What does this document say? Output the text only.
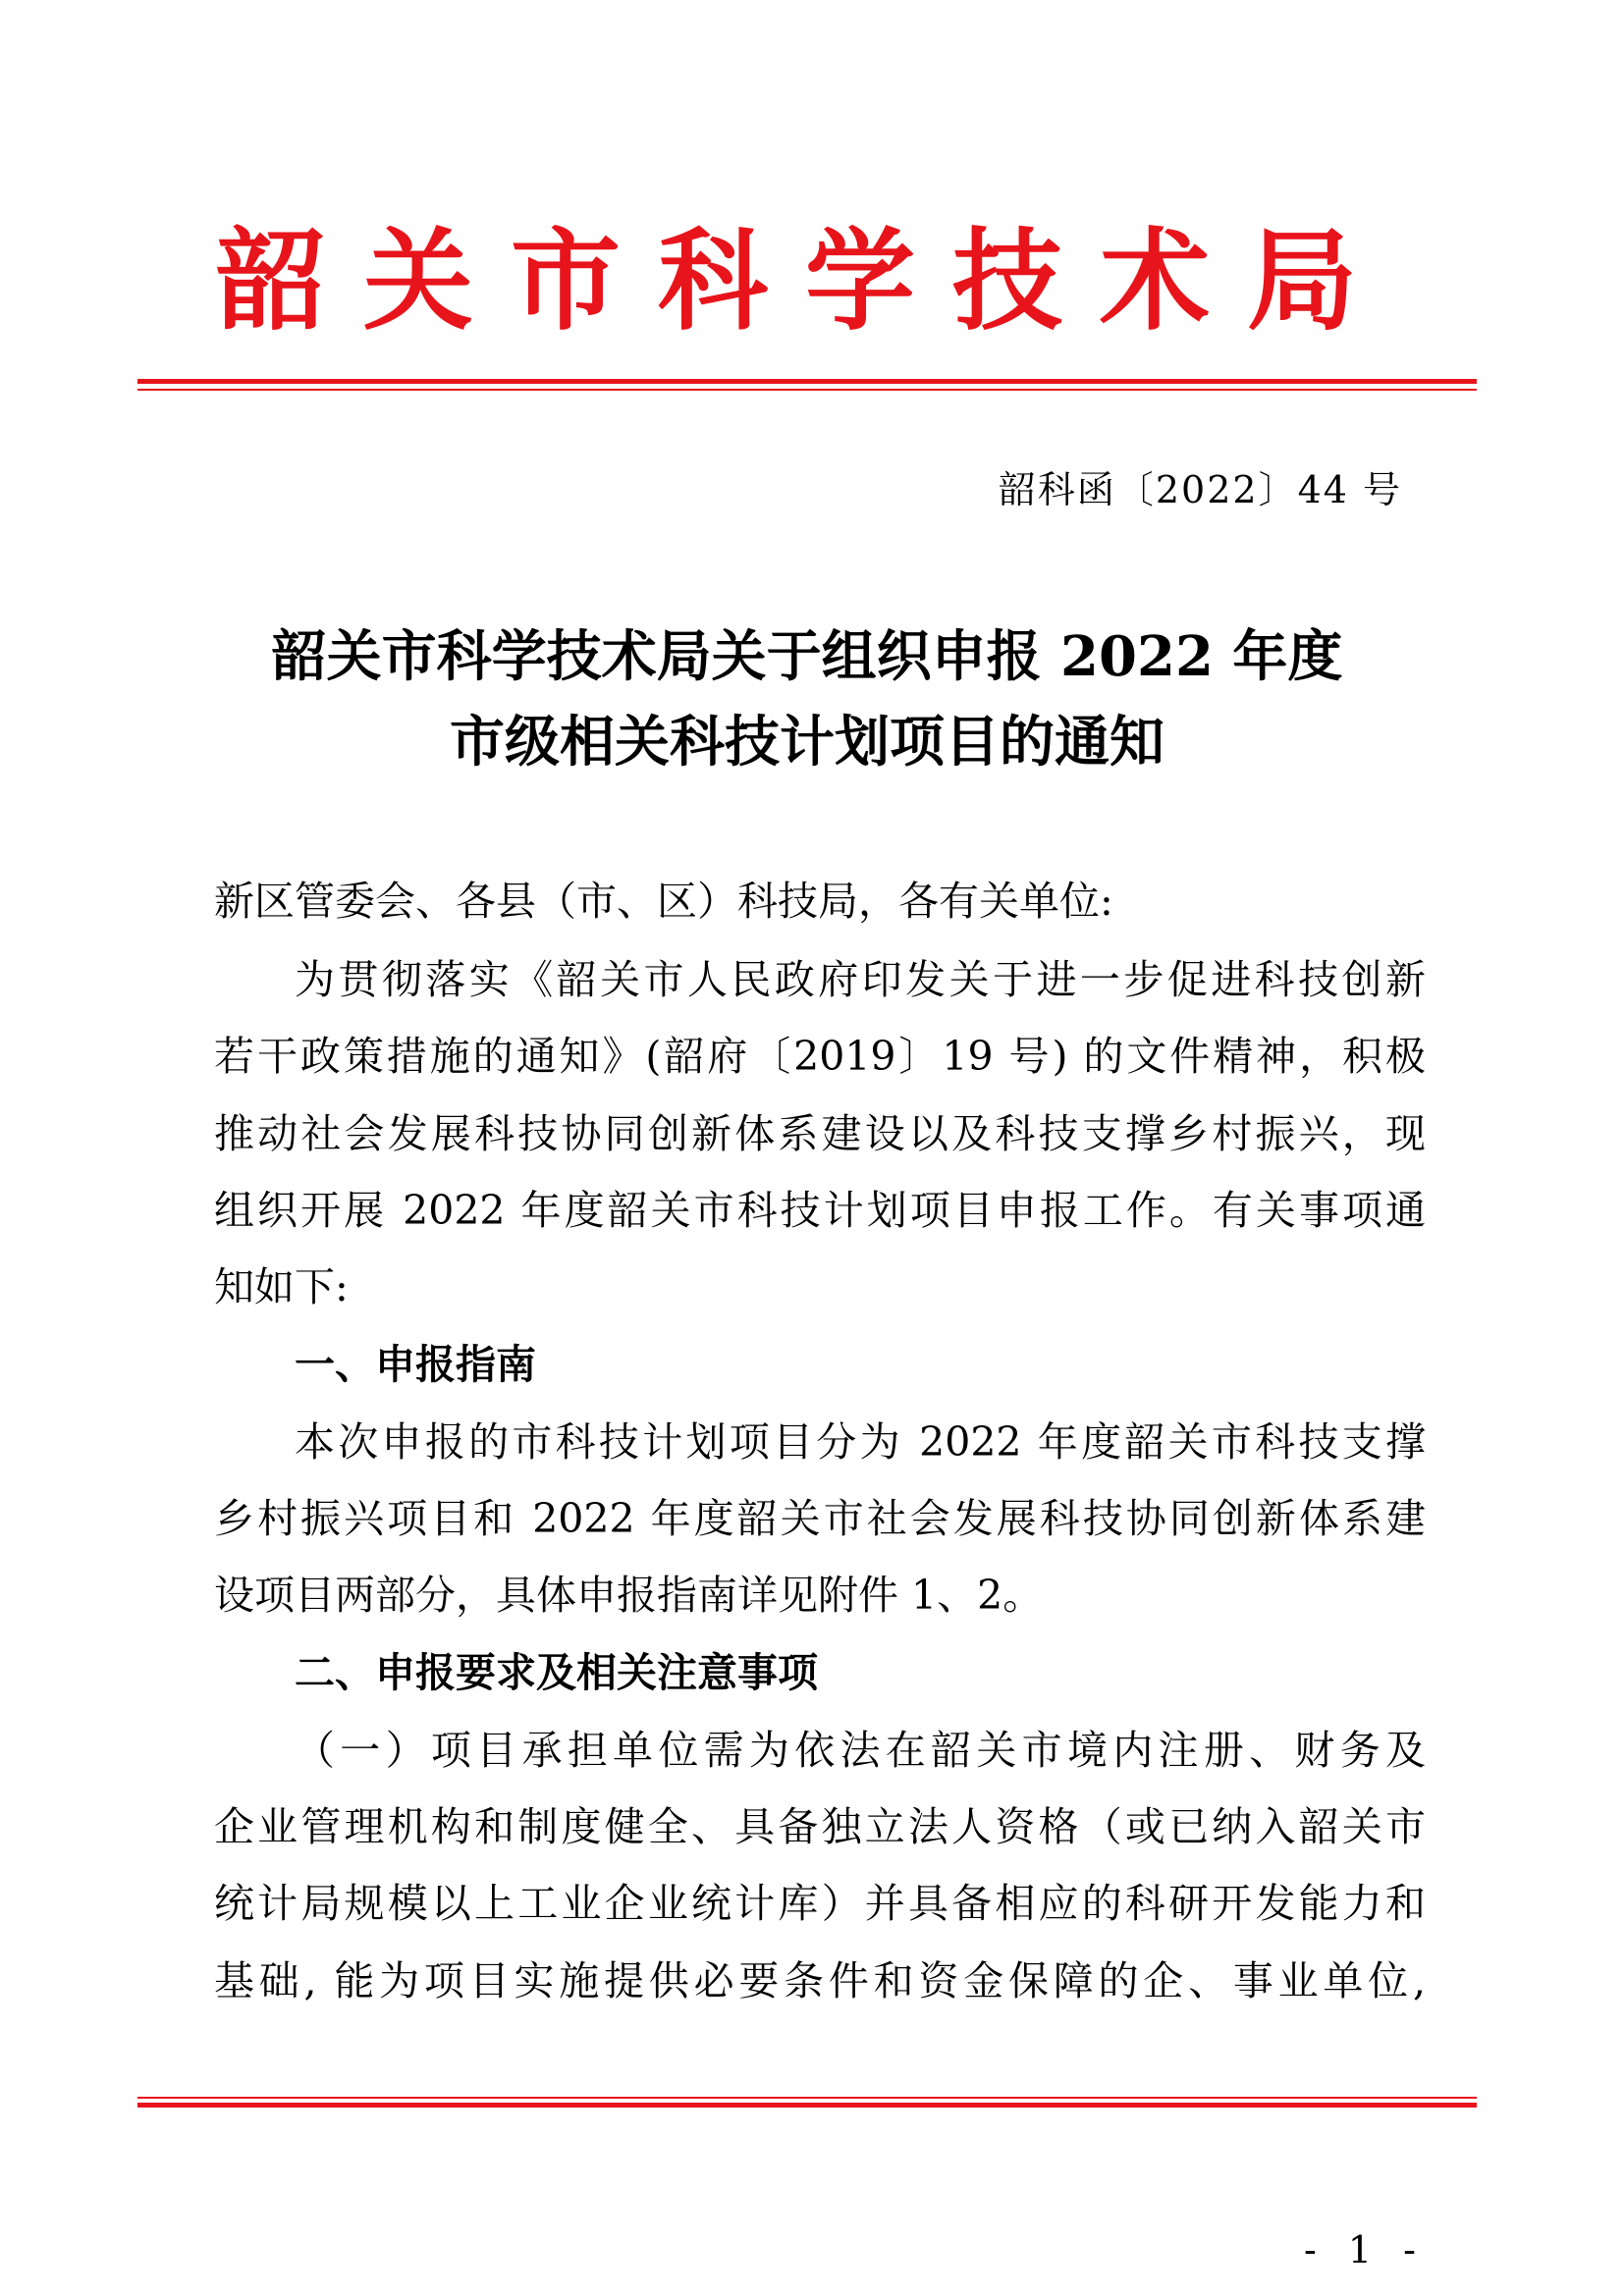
韶关市科学技术局
韶科函〔2022〕44 号
韶关市科学技术局关于组织申报 2022 年度
市级相关科技计划项目的通知
新区管委会、各县（市、区）科技局，各有关单位:
为贯彻落实《韶关市人民政府印发关于进一步促进科技创新
若干政策措施的通知》(韶府〔2019〕19 号) 的文件精神，积极
推动社会发展科技协同创新体系建设以及科技支撑乡村振兴，现
组织开展 2022 年度韶关市科技计划项目申报工作。有关事项通
知如下:
一、申报指南
本次申报的市科技计划项目分为 2022 年度韶关市科技支撑
乡村振兴项目和 2022 年度韶关市社会发展科技协同创新体系建
设项目两部分，具体申报指南详见附件 1、2。
二、申报要求及相关注意事项
（一）项目承担单位需为依法在韶关市境内注册、财务及
企业管理机构和制度健全、具备独立法人资格（或已纳入韶关市
统计局规模以上工业企业统计库）并具备相应的科研开发能力和
基础, 能为项目实施提供必要条件和资金保障的企、事业单位,
- 1 -
